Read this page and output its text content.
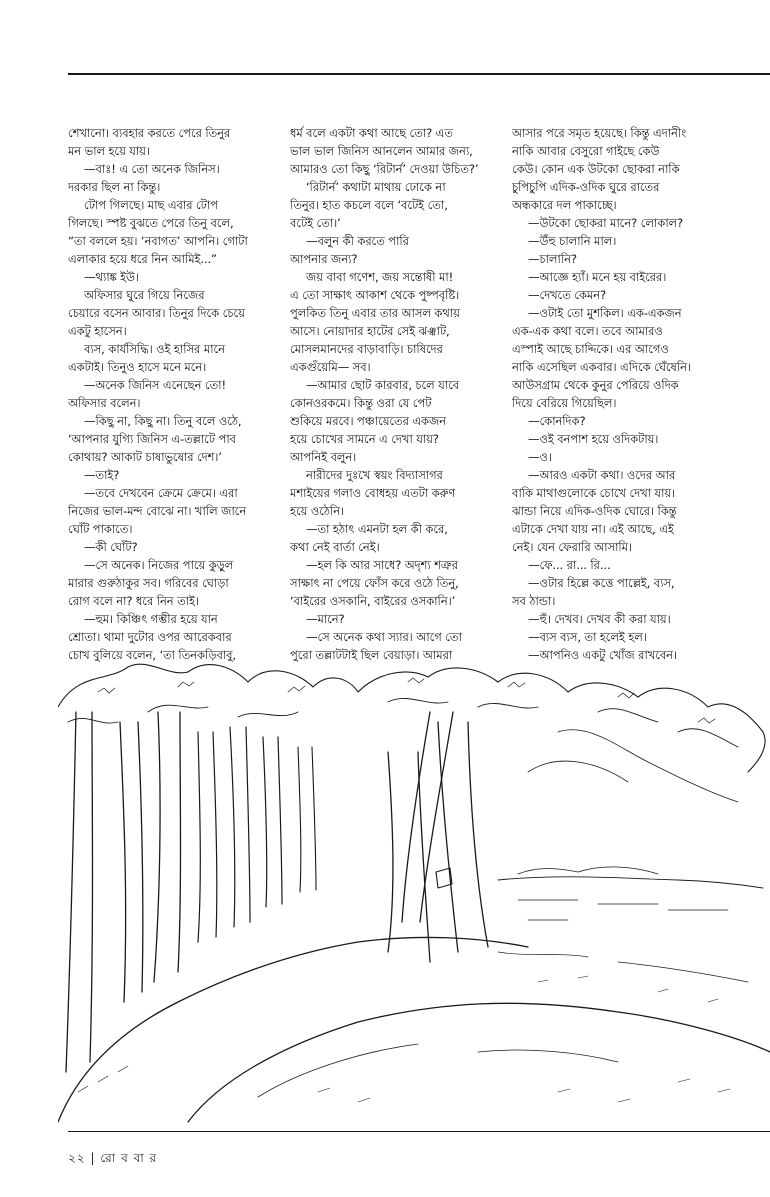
শেখানো। ব্যবহার করতে পেরে তিনুর
মন ভাল হয়ে যায়।
—বাঃ! এ তো অনেক জিনিস।
দরকার ছিল না কিন্তু।
টোপ গিলছে। মাছ এবার টোপ
গিলছে। স্পষ্ট বুঝতে পেরে তিনু বলে,
“তা বললে হয়। ‘নবাগত’ আপনি। গোটা
এলাকার হয়ে ধরে নিন আমিই...”
—থ্যাঙ্ক ইউ।
অফিসার ঘুরে গিয়ে নিজের
চেয়ারে বসেন আবার। তিনুর দিকে চেয়ে
একটু হাসেন।
ব্যস, কার্যসিদ্ধি। ওই হাসির মানে
একটাই। তিনুও হাসে মনে মনে।
—অনেক জিনিস এনেছেন তো!
অফিসার বলেন।
—কিছু না, কিছু না। তিনু বলে ওঠে,
‘আপনার যুগ্যি জিনিস এ-তল্লাটে পাব
কোথায়? আকাট চাষাভুষোর দেশ।’
—তাই?
—তবে দেখবেন ক্রেমে ক্রেমে। এরা
নিজের ভাল-মন্দ বোঝে না। খালি জানে
ঘোঁট পাকাতে।
—কী ঘোঁট?
—সে অনেক। নিজের পায়ে কুড়ুল
মারার গুরুঠাকুর সব। গরিবের ঘোড়া
রোগ বলে না? ধরে নিন তাই।
—হুম। কিঞ্চিৎ গম্ভীর হয়ে যান
শ্রোতা। থামা দুটোর ওপর আরেকবার
চোখ বুলিয়ে বলেন, ‘তা তিনকড়িবাবু,
ধর্ম বলে একটা কথা আছে তো? এত
ভাল ভাল জিনিস আনলেন আমার জন্য,
আমারও তো কিছু ‘রিটার্ন’ দেওয়া উচিত?’
‘রিটার্ন’ কথাটা মাথায় ঢোকে না
তিনুর। হাত কচলে বলে ‘বটেই তো,
বটেই তো।’
—বলুন কী করতে পারি
আপনার জন্য?
জয় বাবা গণেশ, জয় সন্তোষী মা!
এ তো সাক্ষাৎ আকাশ থেকে পুষ্পবৃষ্টি।
পুলকিত তিনু এবার তার আসল কথায়
আসে। নোয়াদার হাটের সেই ঝঞ্ঝাট,
মোসলমানদের বাড়াবাড়ি। চাষিদের
একগুঁয়েমি— সব।
—আমার ছোট কারবার, চলে যাবে
কোনওরকমে। কিন্তু ওরা যে পেট
শুকিয়ে মরবে। পঞ্চায়েতের একজন
হয়ে চোখের সামনে এ দেখা যায়?
আপনিই বলুন।
নারীদের দুঃখে স্বয়ং বিদ্যাসাগর
মশাইয়ের গলাও বোধহয় এতটা করুণ
হয়ে ওঠেনি।
—তা হঠাৎ এমনটা হল কী করে,
কথা নেই বার্তা নেই।
—হল কি আর সাধে? অদৃশ্য শত্রুর
সাক্ষাৎ না পেয়ে ফোঁস করে ওঠে তিনু,
‘বাইরের ওসকানি, বাইরের ওসকানি।’
—মানে?
—সে অনেক কথা স্যার। আগে তো
পুরো তল্লাটটাই ছিল বেয়াড়া। আমরা
আসার পরে সমৃত হয়েছে। কিন্তু এদানীং
নাকি আবার বেসুরো গাইছে কেউ
কেউ। কোন এক উটকো ছোকরা নাকি
চুপিচুপি এদিক-ওদিক ঘুরে রাতের
অন্ধকারে দল পাকাচ্ছে।
—উটকো ছোকরা মানে? লোকাল?
—উঁহু চালানি মাল।
—চালানি?
—আজ্ঞে হ্যাঁ। মনে হয় বাইরের।
—দেখতে কেমন?
—ওটাই তো মুশকিল। এক-একজন
এক-এক কথা বলে। তবে আমারও
এস্পাই আছে চাদ্দিকে। এর আগেও
নাকি এসেছিল একবার। এদিকে ঘেঁষেনি।
আউসগ্রাম থেকে কুনুর পেরিয়ে ওদিক
দিয়ে বেরিয়ে গিয়েছিল।
—কোনদিক?
—ওই বনপাশ হয়ে ওদিকটায়।
—ও।
—আরও একটা কথা। ওদের আর
বাকি মাথাগুলোকে চোখে দেখা যায়।
ঝান্ডা নিয়ে এদিক-ওদিক ঘোরে। কিন্তু
এটাকে দেখা যায় না। এই আছে, এই
নেই। যেন ফেরারি আসামি।
—ফে... রা... রি...
—ওটার হিল্লে কত্তে পাল্লেই, ব্যস,
সব ঠান্ডা।
—হুঁ। দেখব। দেখব কী করা যায়।
—ব্যস ব্যস, তা হলেই হল।
—আপনিও একটু খোঁজ রাখবেন।
২২ | রো ব বা র
